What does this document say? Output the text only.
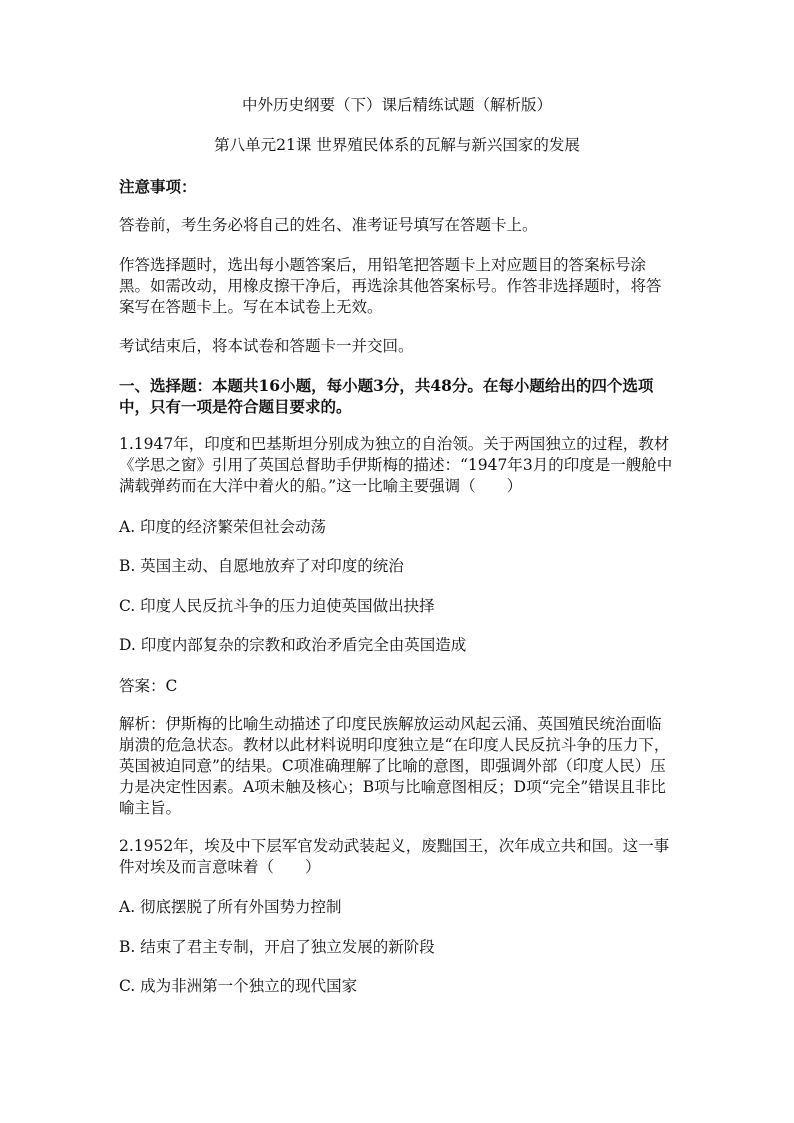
中外历史纲要（下）课后精练试题（解析版）

第八单元21课 世界殖民体系的瓦解与新兴国家的发展

注意事项：

答卷前，考生务必将自己的姓名、准考证号填写在答题卡上。

作答选择题时，选出每小题答案后，用铅笔把答题卡上对应题目的答案标号涂黑。如需改动，用橡皮擦干净后，再选涂其他答案标号。作答非选择题时，将答案写在答题卡上。写在本试卷上无效。

考试结束后，将本试卷和答题卡一并交回。

一、选择题：本题共16小题，每小题3分，共48分。在每小题给出的四个选项中，只有一项是符合题目要求的。

1.1947年，印度和巴基斯坦分别成为独立的自治领。关于两国独立的过程，教材《学思之窗》引用了英国总督助手伊斯梅的描述：“1947年3月的印度是一艘舱中满载弹药而在大洋中着火的船。”这一比喻主要强调（　　）

A. 印度的经济繁荣但社会动荡

B. 英国主动、自愿地放弃了对印度的统治

C. 印度人民反抗斗争的压力迫使英国做出抉择

D. 印度内部复杂的宗教和政治矛盾完全由英国造成

答案：C

解析：伊斯梅的比喻生动描述了印度民族解放运动风起云涌、英国殖民统治面临崩溃的危急状态。教材以此材料说明印度独立是“在印度人民反抗斗争的压力下，英国被迫同意”的结果。C项准确理解了比喻的意图，即强调外部（印度人民）压力是决定性因素。A项未触及核心；B项与比喻意图相反；D项“完全”错误且非比喻主旨。

2.1952年，埃及中下层军官发动武装起义，废黜国王，次年成立共和国。这一事件对埃及而言意味着（　　）

A. 彻底摆脱了所有外国势力控制

B. 结束了君主专制，开启了独立发展的新阶段

C. 成为非洲第一个独立的现代国家
